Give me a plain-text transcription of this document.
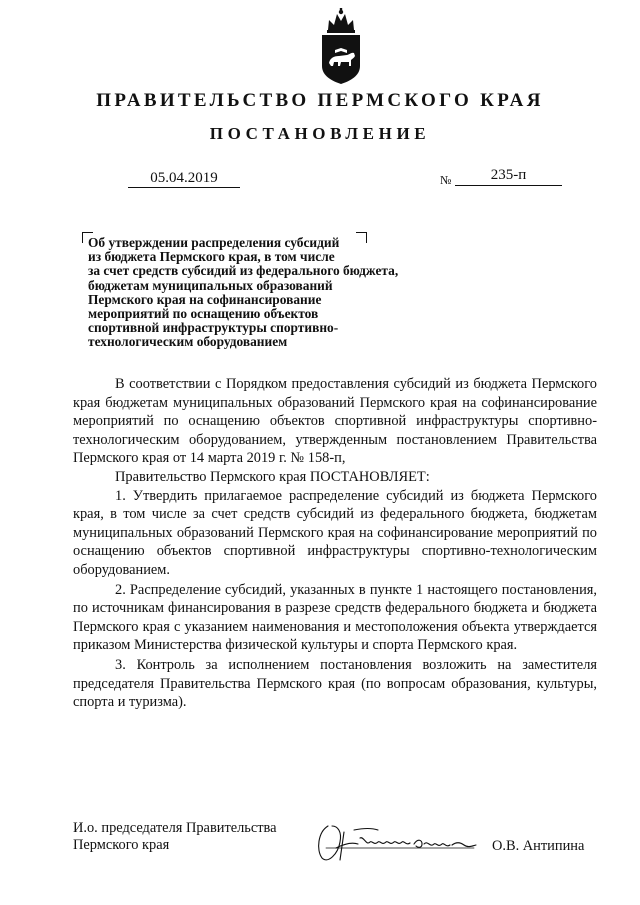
ПРАВИТЕЛЬСТВО ПЕРМСКОГО КРАЯ
ПОСТАНОВЛЕНИЕ
05.04.2019	№	235-п
Об утверждении распределения субсидий
из бюджета Пермского края, в том числе
за счет средств субсидий из федерального бюджета,
бюджетам муниципальных образований
Пермского края на софинансирование
мероприятий по оснащению объектов
спортивной инфраструктуры спортивно-
технологическим оборудованием

В соответствии с Порядком предоставления субсидий из бюджета Пермского края бюджетам муниципальных образований Пермского края на софинансирование мероприятий по оснащению объектов спортивной инфраструктуры спортивно-технологическим оборудованием, утвержденным постановлением Правительства Пермского края от 14 марта 2019 г. № 158-п,

Правительство Пермского края ПОСТАНОВЛЯЕТ:

1. Утвердить прилагаемое распределение субсидий из бюджета Пермского края, в том числе за счет средств субсидий из федерального бюджета, бюджетам муниципальных образований Пермского края на софинансирование мероприятий по оснащению объектов спортивной инфраструктуры спортивно-технологическим оборудованием.

2. Распределение субсидий, указанных в пункте 1 настоящего постановления, по источникам финансирования в разрезе средств федерального бюджета и бюджета Пермского края с указанием наименования и местоположения объекта утверждается приказом Министерства физической культуры и спорта Пермского края.

3. Контроль за исполнением постановления возложить на заместителя председателя Правительства Пермского края (по вопросам образования, культуры, спорта и туризма).

И.о. председателя Правительства
Пермского края	О.В. Антипина
